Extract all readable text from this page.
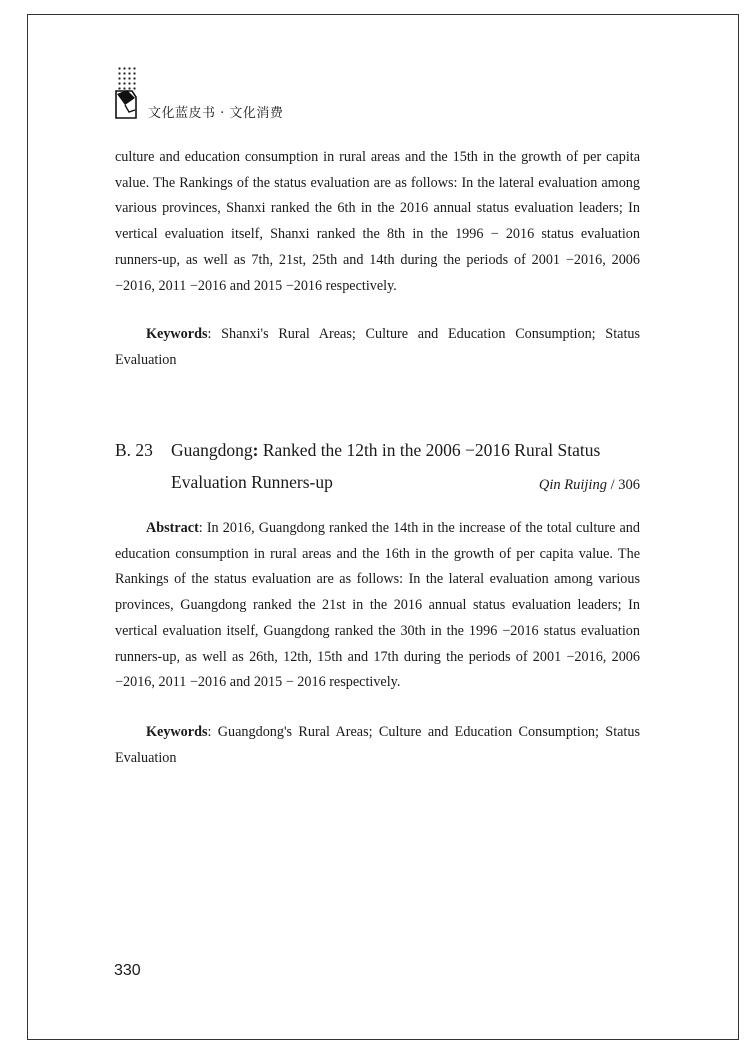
文化蓝皮书 · 文化消费

culture and education consumption in rural areas and the 15th in the growth of per capita value. The Rankings of the status evaluation are as follows: In the lateral evaluation among various provinces, Shanxi ranked the 6th in the 2016 annual status evaluation leaders; In vertical evaluation itself, Shanxi ranked the 8th in the 1996 − 2016 status evaluation runners-up, as well as 7th, 21st, 25th and 14th during the periods of 2001 −2016, 2006 −2016, 2011 −2016 and 2015 −2016 respectively.

Keywords: Shanxi's Rural Areas; Culture and Education Consumption; Status Evaluation

B. 23 Guangdong: Ranked the 12th in the 2006 −2016 Rural Status
Evaluation Runners-up	Qin Ruijing / 306

Abstract: In 2016, Guangdong ranked the 14th in the increase of the total culture and education consumption in rural areas and the 16th in the growth of per capita value. The Rankings of the status evaluation are as follows: In the lateral evaluation among various provinces, Guangdong ranked the 21st in the 2016 annual status evaluation leaders; In vertical evaluation itself, Guangdong ranked the 30th in the 1996 −2016 status evaluation runners-up, as well as 26th, 12th, 15th and 17th during the periods of 2001 −2016, 2006 −2016, 2011 −2016 and 2015 − 2016 respectively.

Keywords: Guangdong's Rural Areas; Culture and Education Consumption; Status Evaluation

330
